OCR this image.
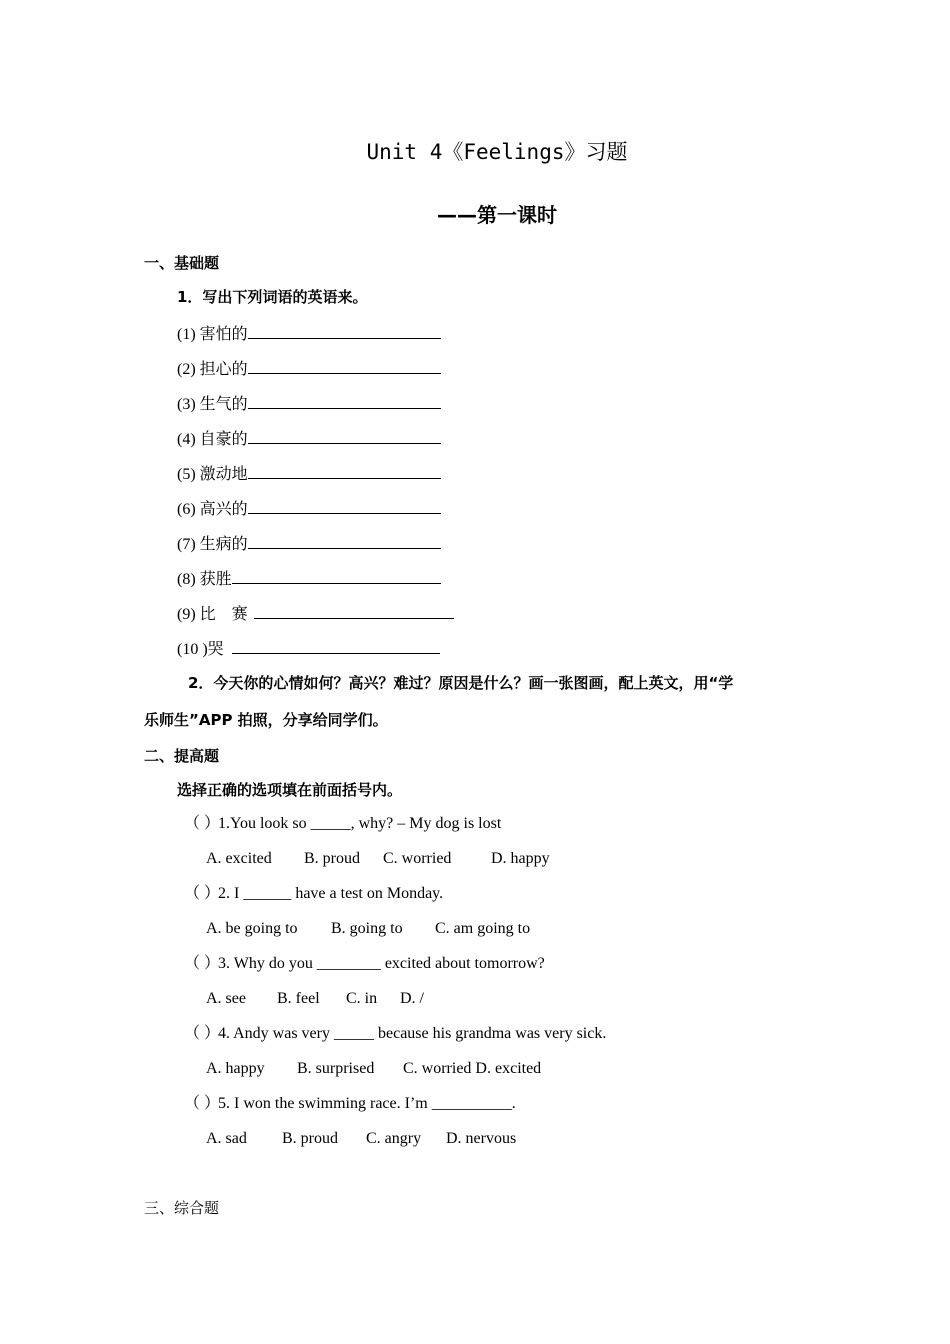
Unit 4《Feelings》习题
——第一课时
一、基础题
1．写出下列词语的英语来。
(1) 害怕的
(2) 担心的
(3) 生气的
(4) 自豪的
(5) 激动地
(6) 高兴的
(7) 生病的
(8) 获胜
(9) 比 赛
(10 )哭
2．今天你的心情如何？高兴？难过？原因是什么？画一张图画，配上英文，用“学
乐师生”APP 拍照，分享给同学们。
二、提高题
选择正确的选项填在前面括号内。
（ ）1.You look so _____, why? – My dog is lost
A. excited B. proud C. worried D. happy
（ ）2. I ______ have a test on Monday.
A. be going to B. going to C. am going to
（ ）3. Why do you ________ excited about tomorrow?
A. see B. feel C. in D. /
（ ）4. Andy was very _____ because his grandma was very sick.
A. happy B. surprised C. worried D. excited
（ ）5. I won the swimming race. I’m __________.
A. sad B. proud C. angry D. nervous
三、综合题
